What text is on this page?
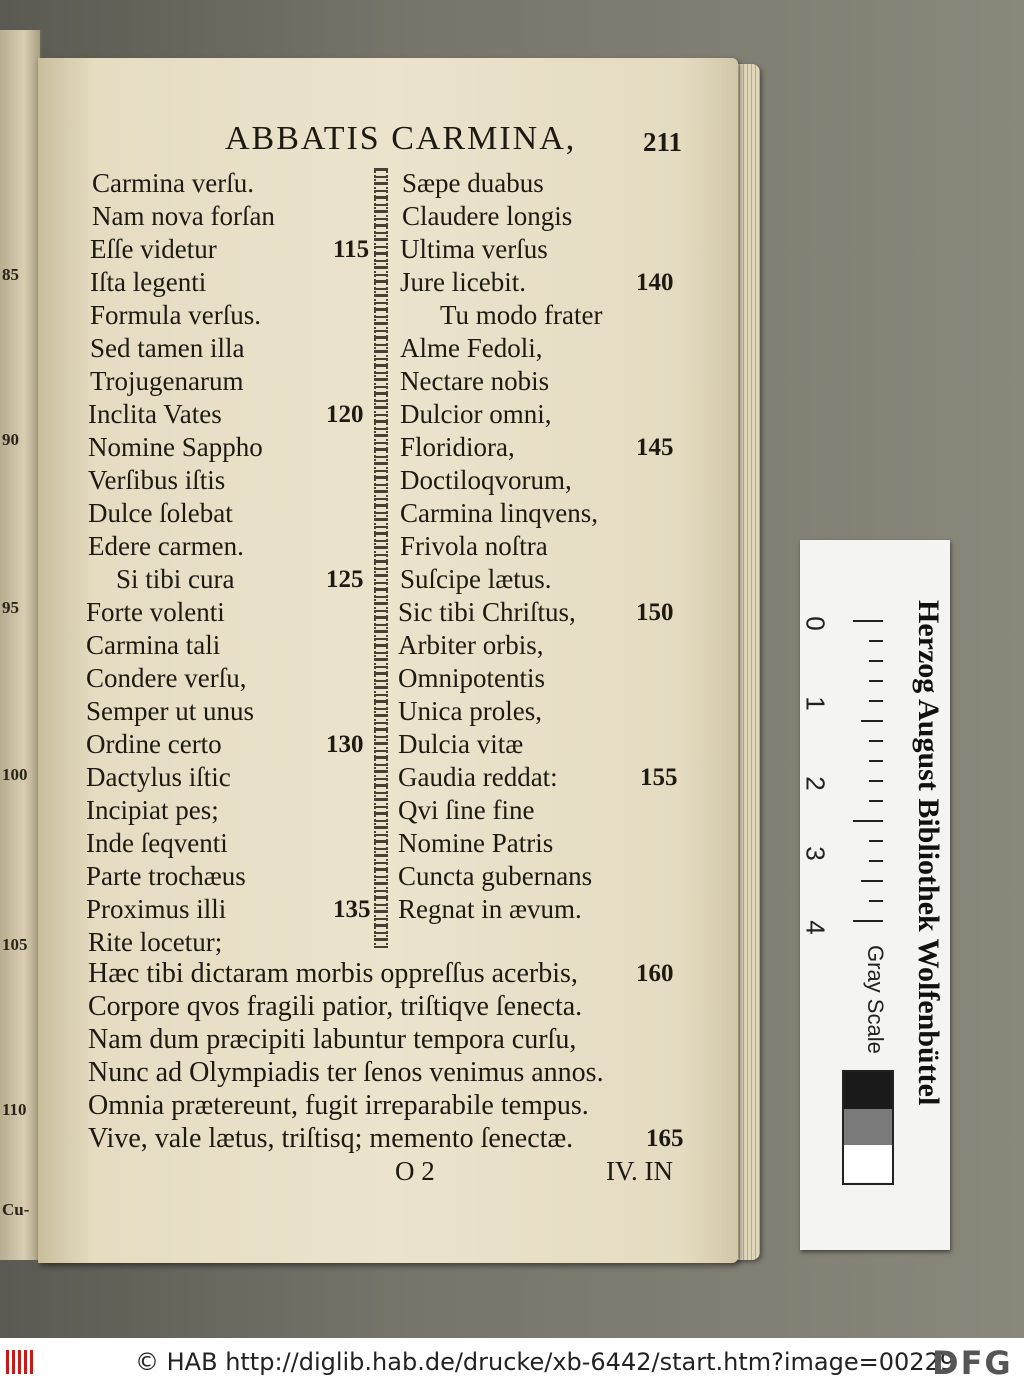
85
90
95
100
105
110
Cu-
ABBATIS CARMINA, 211
Carmina verſu.
Nam nova forſan
Eſſe videtur
Iſta legenti
Formula verſus.
Sed tamen illa
Trojugenarum
Inclita Vates
Nomine Sappho
Verſibus iſtis
Dulce ſolebat
Edere carmen.
Si tibi cura
Forte volenti
Carmina tali
Condere verſu,
Semper ut unus
Ordine certo
Dactylus iſtic
Incipiat pes;
Inde ſeqventi
Parte trochæus
Proximus illi
Rite locetur;
115
120
125
130
135
Sæpe duabus
Claudere longis
Ultima verſus
Jure licebit.
Tu modo frater
Alme Fedoli,
Nectare nobis
Dulcior omni,
Floridiora,
Doctiloqvorum,
Carmina linqvens,
Frivola noſtra
Suſcipe lætus.
Sic tibi Chriſtus,
Arbiter orbis,
Omnipotentis
Unica proles,
Dulcia vitæ
Gaudia reddat:
Qvi ſine fine
Nomine Patris
Cuncta gubernans
Regnat in ævum.
140
145
150
155
Hæc tibi dictaram morbis oppreſſus acerbis,
Corpore qvos fragili patior, triſtiqve ſenecta.
Nam dum præcipiti labuntur tempora curſu,
Nunc ad Olympiadis ter ſenos venimus annos.
Omnia prætereunt, fugit irreparabile tempus.
Vive, vale lætus, triſtisq; memento ſenectæ.
160
165
O 2	IV. IN
0
1
2
3
4	Herzog August Bibliothek Wolfenbüttel
Gray Scale
© HAB http://diglib.hab.de/drucke/xb-6442/start.htm?image=00229
DFG
